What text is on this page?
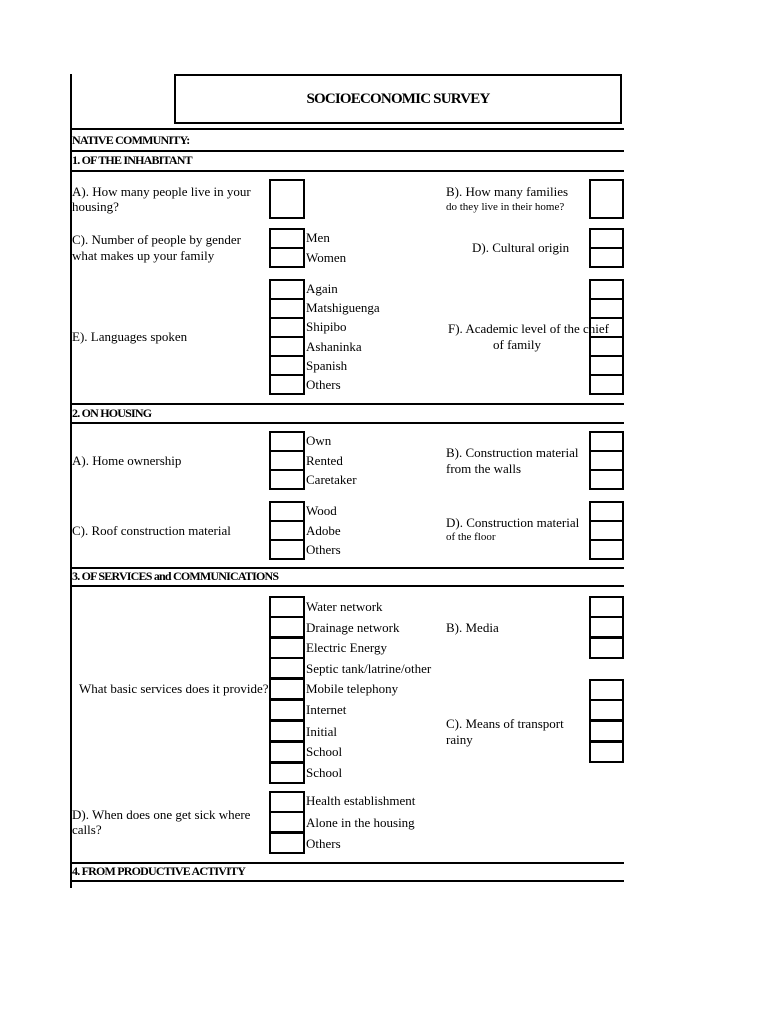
SOCIOECONOMIC SURVEY
NATIVE COMMUNITY:
1. OF THE INHABITANT
A). How many people live in your
housing?
B). How many families
do they live in their home?
C). Number of people by gender
what makes up your family
Men
Women
D). Cultural origin
E). Languages spoken
Again
Matshiguenga
Shipibo
Ashaninka
Spanish
Others
F). Academic level of the chief
of family
2. ON HOUSING
A). Home ownership
Own
Rented
Caretaker
B). Construction material
from the walls
C). Roof construction material
Wood
Adobe
Others
D). Construction material
of the floor
3. OF SERVICES and COMMUNICATIONS
What basic services does it provide?
Water network
Drainage network
Electric Energy
Septic tank/latrine/other
Mobile telephony
Internet
Initial
School
School
B). Media
C). Means of transport
rainy
D). When does one get sick where
calls?
Health establishment
Alone in the housing
Others
4. FROM PRODUCTIVE ACTIVITY
